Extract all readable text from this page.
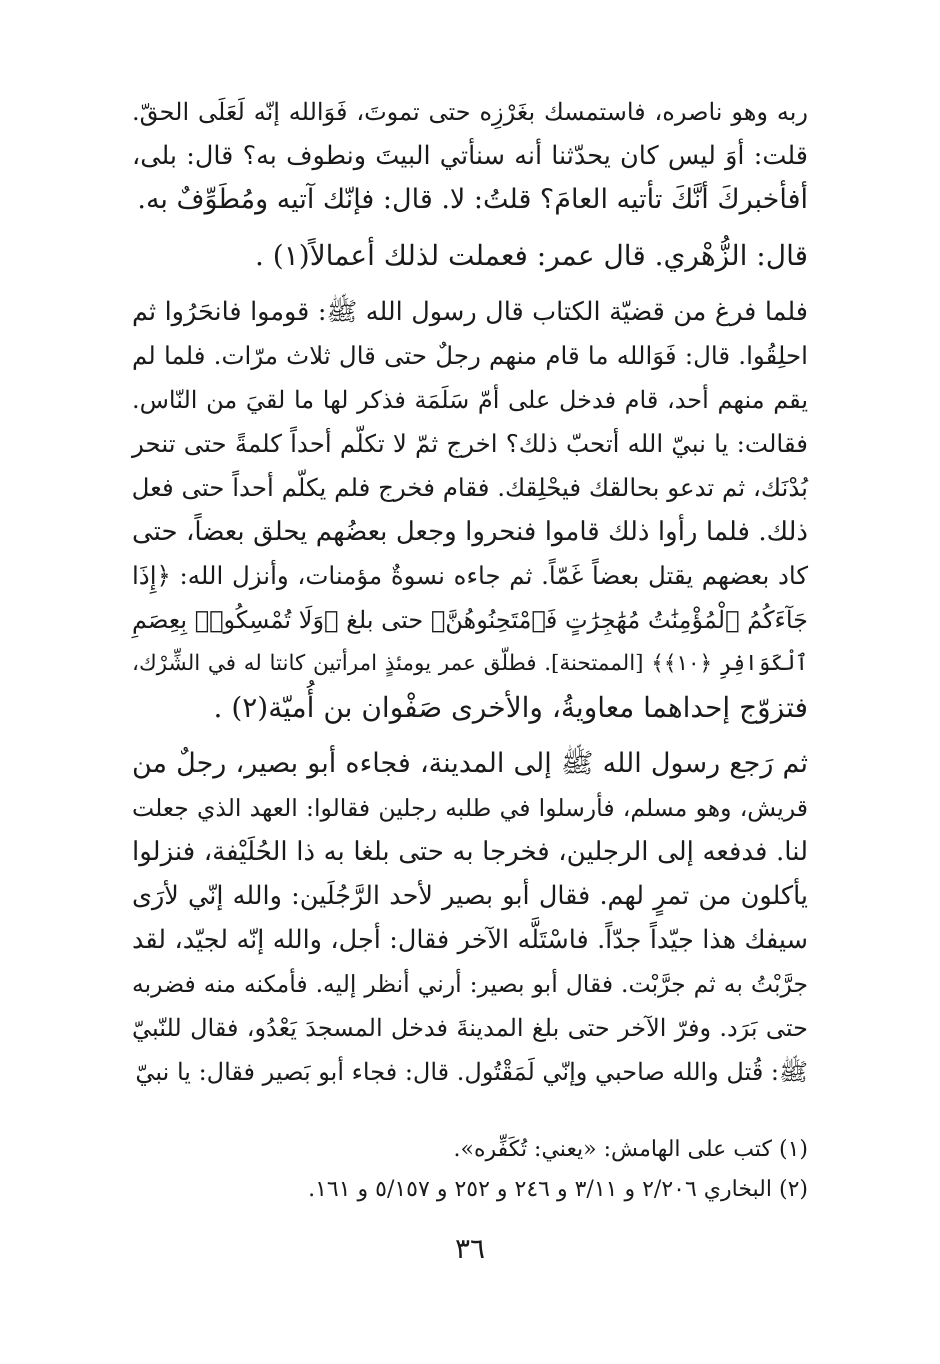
ربه وهو ناصره، فاستمسك بغَرْزِه حتى تموتَ، فَوَالله إنّه لَعَلَى الحقّ.
قلت: أوَ ليس كان يحدّثنا أنه سنأتي البيتَ ونطوف به؟ قال: بلى،
أفأخبركَ أنَّكَ تأتيه العامَ؟ قلتُ: لا. قال: فإنّك آتيه ومُطَوِّفٌ به.
قال: الزُّهْري. قال عمر: فعملت لذلك أعمالاً(١) .
فلما فرغ من قضيّة الكتاب قال رسول الله ﷺ: قوموا فانحَرُوا ثم
احلِقُوا. قال: فَوَالله ما قام منهم رجلٌ حتى قال ثلاث مرّات. فلما لم
يقم منهم أحد، قام فدخل على أمّ سَلَمَة فذكر لها ما لقيَ من النّاس.
فقالت: يا نبيّ الله أتحبّ ذلك؟ اخرج ثمّ لا تكلّم أحداً كلمةً حتى تنحر
بُدْنَك، ثم تدعو بحالقك فيحْلِقك. فقام فخرج فلم يكلّم أحداً حتى فعل
ذلك. فلما رأوا ذلك قاموا فنحروا وجعل بعضُهم يحلق بعضاً، حتى
كاد بعضهم يقتل بعضاً غَمّاً. ثم جاءه نسوةٌ مؤمنات، وأنزل الله: ﴿إِذَا
جَآءَكُمُ ٱلْمُؤْمِنَٰتُ مُهَٰجِرَٰتٍ فَٱمْتَحِنُوهُنَّ﴾ حتى بلغ ﴿وَلَا تُمْسِكُوا۟ بِعِصَمِ
ٱلْكَوَافِرِ ﴿١٠﴾﴾ [الممتحنة]. فطلّق عمر يومئذٍ امرأتين كانتا له في الشِّرْك،
فتزوّج إحداهما معاويةُ، والأخرى صَفْوان بن أُميّة(٢) .
ثم رَجع رسول الله ﷺ إلى المدينة، فجاءه أبو بصير، رجلٌ من
قريش، وهو مسلم، فأرسلوا في طلبه رجلين فقالوا: العهد الذي جعلت
لنا. فدفعه إلى الرجلين، فخرجا به حتى بلغا به ذا الحُلَيْفة، فنزلوا
يأكلون من تمرٍ لهم. فقال أبو بصير لأحد الرَّجُلَين: والله إنّي لأرَى
سيفك هذا جيّداً جدّاً. فاسْتَلَّه الآخر فقال: أجل، والله إنّه لجيّد، لقد
جرَّبْتُ به ثم جرَّبْت. فقال أبو بصير: أرني أنظر إليه. فأمكنه منه فضربه
حتى بَرَد. وفرّ الآخر حتى بلغ المدينةَ فدخل المسجدَ يَعْدُو، فقال للنّبيّ
ﷺ: قُتل والله صاحبي وإنّي لَمَقْتُول. قال: فجاء أبو بَصير فقال: يا نبيّ
(١) كتب على الهامش: «يعني: تُكَفِّره».
(٢) البخاري ٢/٢٠٦ و ٣/١١ و ٢٤٦ و ٢٥٢ و ٥/١٥٧ و ١٦١.
٣٦
